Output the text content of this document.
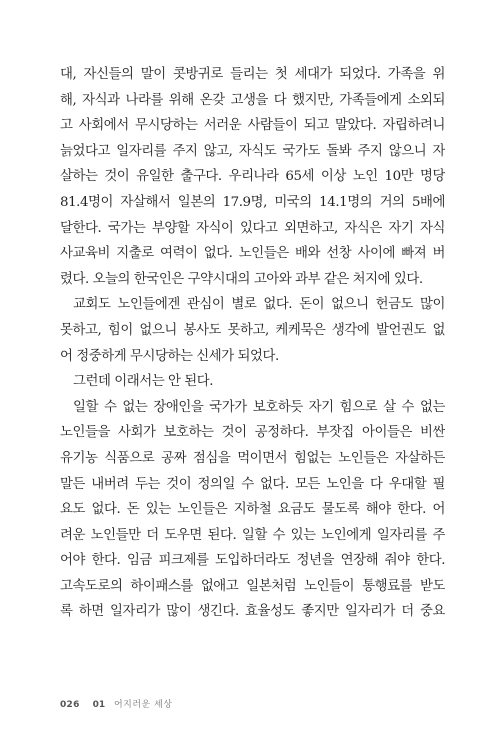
대, 자신들의 말이 콧방귀로 들리는 첫 세대가 되었다. 가족을 위
해, 자식과 나라를 위해 온갖 고생을 다 했지만, 가족들에게 소외되
고 사회에서 무시당하는 서러운 사람들이 되고 말았다. 자립하려니
늙었다고 일자리를 주지 않고, 자식도 국가도 돌봐 주지 않으니 자
살하는 것이 유일한 출구다. 우리나라 65세 이상 노인 10만 명당
81.4명이 자살해서 일본의 17.9명, 미국의 14.1명의 거의 5배에
달한다. 국가는 부양할 자식이 있다고 외면하고, 자식은 자기 자식
사교육비 지출로 여력이 없다. 노인들은 배와 선창 사이에 빠져 버
렸다. 오늘의 한국인은 구약시대의 고아와 과부 같은 처지에 있다.
교회도 노인들에겐 관심이 별로 없다. 돈이 없으니 헌금도 많이
못하고, 힘이 없으니 봉사도 못하고, 케케묵은 생각에 발언권도 없
어 정중하게 무시당하는 신세가 되었다.
그런데 이래서는 안 된다.
일할 수 없는 장애인을 국가가 보호하듯 자기 힘으로 살 수 없는
노인들을 사회가 보호하는 것이 공정하다. 부잣집 아이들은 비싼
유기농 식품으로 공짜 점심을 먹이면서 힘없는 노인들은 자살하든
말든 내버려 두는 것이 정의일 수 없다. 모든 노인을 다 우대할 필
요도 없다. 돈 있는 노인들은 지하철 요금도 물도록 해야 한다. 어
려운 노인들만 더 도우면 된다. 일할 수 있는 노인에게 일자리를 주
어야 한다. 임금 피크제를 도입하더라도 정년을 연장해 줘야 한다.
고속도로의 하이패스를 없애고 일본처럼 노인들이 통행료를 받도
록 하면 일자리가 많이 생긴다. 효율성도 좋지만 일자리가 더 중요
026 01 어지러운 세상
